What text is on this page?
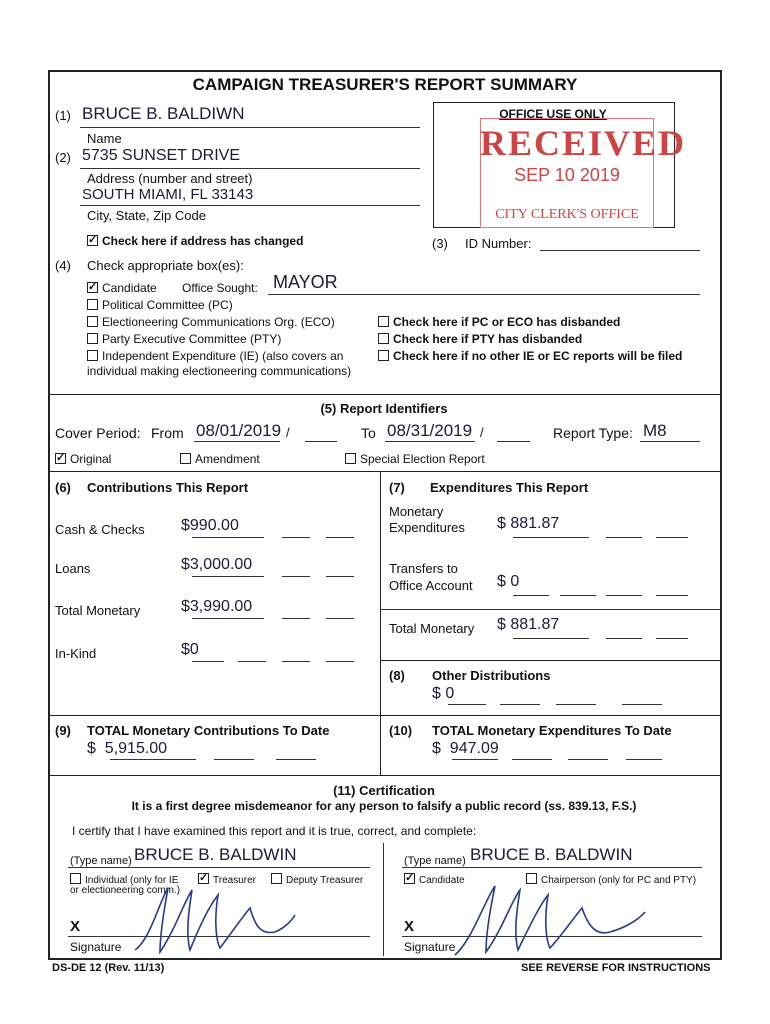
CAMPAIGN TREASURER'S REPORT SUMMARY
(1) BRUCE B. BALDIWN
Name
(2) 5735 SUNSET DRIVE
Address (number and street)
SOUTH MIAMI, FL 33143
City, State, Zip Code
✓Check here if address has changed
OFFICE USE ONLY
RECEIVED
SEP 10 2019
CITY CLERK'S OFFICE
(3) ID Number:
(4) Check appropriate box(es):
✓Candidate Office Sought: MAYOR
Political Committee (PC)
Electioneering Communications Org. (ECO)
Party Executive Committee (PTY)
Independent Expenditure (IE) (also covers an
individual making electioneering communications)
Check here if PC or ECO has disbanded
Check here if PTY has disbanded
Check here if no other IE or EC reports will be filed
(5) Report Identifiers
Cover Period: From 08/01/2019 /	To 08/31/2019 /	Report Type: M8
✓Original	Amendment	Special Election Report
(6) Contributions This Report
Cash & Checks $990.00
Loans	$3,000.00
Total Monetary	$3,990.00
In-Kind	$0
(7) Expenditures This Report
Monetary
Expenditures $ 881.87
Transfers to
Office Account $ 0
Total Monetary $ 881.87
(8) Other Distributions
$ 0
(9) TOTAL Monetary Contributions To Date
$ 5,915.00
(10) TOTAL Monetary Expenditures To Date
$ 947.09
(11) Certification
It is a first degree misdemeanor for any person to falsify a public record (ss. 839.13, F.S.)
I certify that I have examined this report and it is true, correct, and complete:
(Type name) BRUCE B. BALDWIN
Individual (only for IE
or electioneering comm.)
✓Treasurer	Deputy Treasurer
X
Signature
(Type name) BRUCE B. BALDWIN
✓Candidate	Chairperson (only for PC and PTY)
X
Signature
DS-DE 12 (Rev. 11/13)	SEE REVERSE FOR INSTRUCTIONS
